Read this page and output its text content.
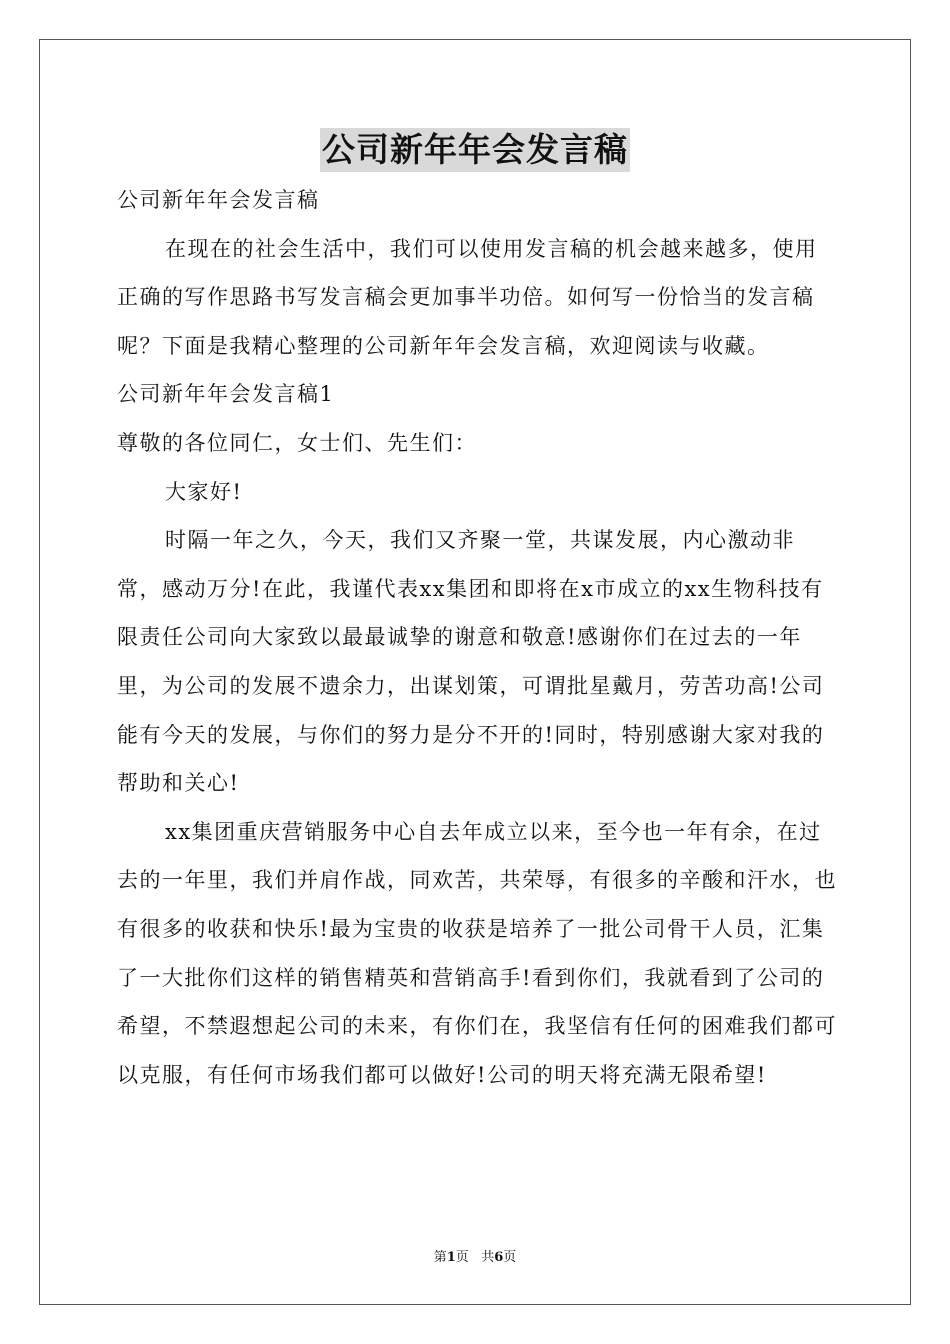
公司新年年会发言稿

公司新年年会发言稿

在现在的社会生活中，我们可以使用发言稿的机会越来越多，使用正确的写作思路书写发言稿会更加事半功倍。如何写一份恰当的发言稿呢？下面是我精心整理的公司新年年会发言稿，欢迎阅读与收藏。

公司新年年会发言稿1

尊敬的各位同仁，女士们、先生们：

大家好!

时隔一年之久，今天，我们又齐聚一堂，共谋发展，内心激动非常，感动万分!在此，我谨代表xx集团和即将在x市成立的xx生物科技有限责任公司向大家致以最最诚挚的谢意和敬意!感谢你们在过去的一年里，为公司的发展不遗余力，出谋划策，可谓批星戴月，劳苦功高!公司能有今天的发展，与你们的努力是分不开的!同时，特别感谢大家对我的帮助和关心!

xx集团重庆营销服务中心自去年成立以来，至今也一年有余，在过去的一年里，我们并肩作战，同欢苦，共荣辱，有很多的辛酸和汗水，也有很多的收获和快乐!最为宝贵的收获是培养了一批公司骨干人员，汇集了一大批你们这样的销售精英和营销高手!看到你们，我就看到了公司的希望，不禁遐想起公司的未来，有你们在，我坚信有任何的困难我们都可以克服，有任何市场我们都可以做好!公司的明天将充满无限希望!

第1页 共6页
